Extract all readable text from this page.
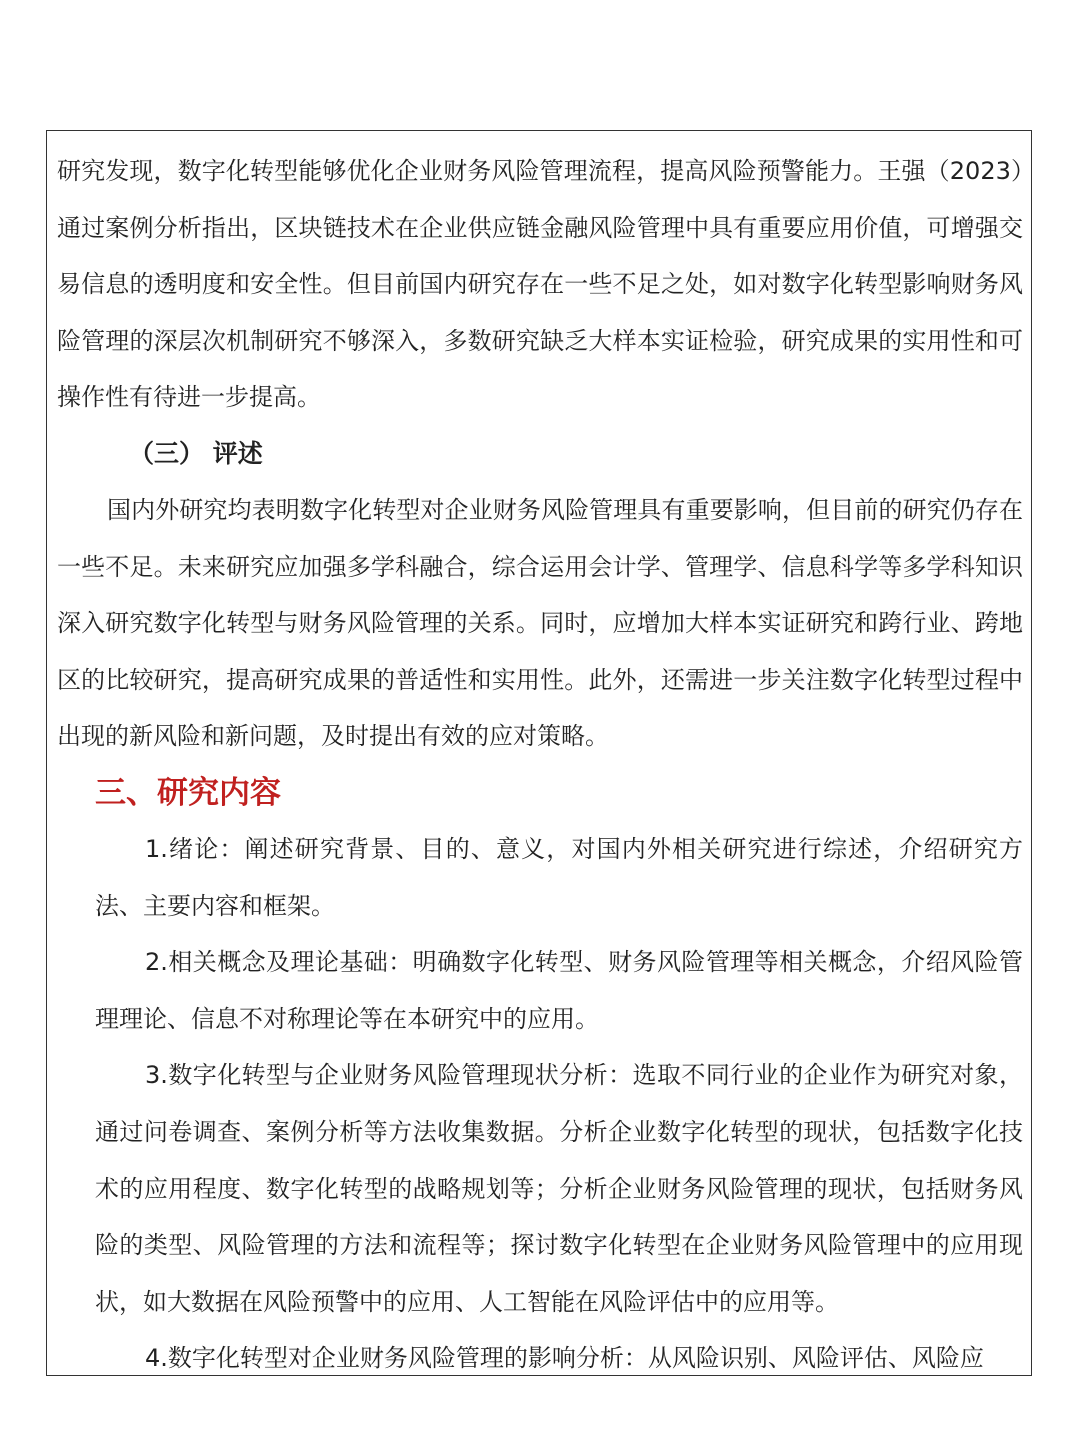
研究发现，数字化转型能够优化企业财务风险管理流程，提高风险预警能力。王强（2023）通过案例分析指出，区块链技术在企业供应链金融风险管理中具有重要应用价值，可增强交易信息的透明度和安全性。但目前国内研究存在一些不足之处，如对数字化转型影响财务风险管理的深层次机制研究不够深入，多数研究缺乏大样本实证检验，研究成果的实用性和可操作性有待进一步提高。

（三） 评述

国内外研究均表明数字化转型对企业财务风险管理具有重要影响，但目前的研究仍存在一些不足。未来研究应加强多学科融合，综合运用会计学、管理学、信息科学等多学科知识深入研究数字化转型与财务风险管理的关系。同时，应增加大样本实证研究和跨行业、跨地区的比较研究，提高研究成果的普适性和实用性。此外，还需进一步关注数字化转型过程中出现的新风险和新问题，及时提出有效的应对策略。

三、研究内容

1.绪论：阐述研究背景、目的、意义，对国内外相关研究进行综述，介绍研究方法、主要内容和框架。

2.相关概念及理论基础：明确数字化转型、财务风险管理等相关概念，介绍风险管理理论、信息不对称理论等在本研究中的应用。

3.数字化转型与企业财务风险管理现状分析：选取不同行业的企业作为研究对象，通过问卷调查、案例分析等方法收集数据。分析企业数字化转型的现状，包括数字化技术的应用程度、数字化转型的战略规划等；分析企业财务风险管理的现状，包括财务风险的类型、风险管理的方法和流程等；探讨数字化转型在企业财务风险管理中的应用现状，如大数据在风险预警中的应用、人工智能在风险评估中的应用等。

4.数字化转型对企业财务风险管理的影响分析：从风险识别、风险评估、风险应
